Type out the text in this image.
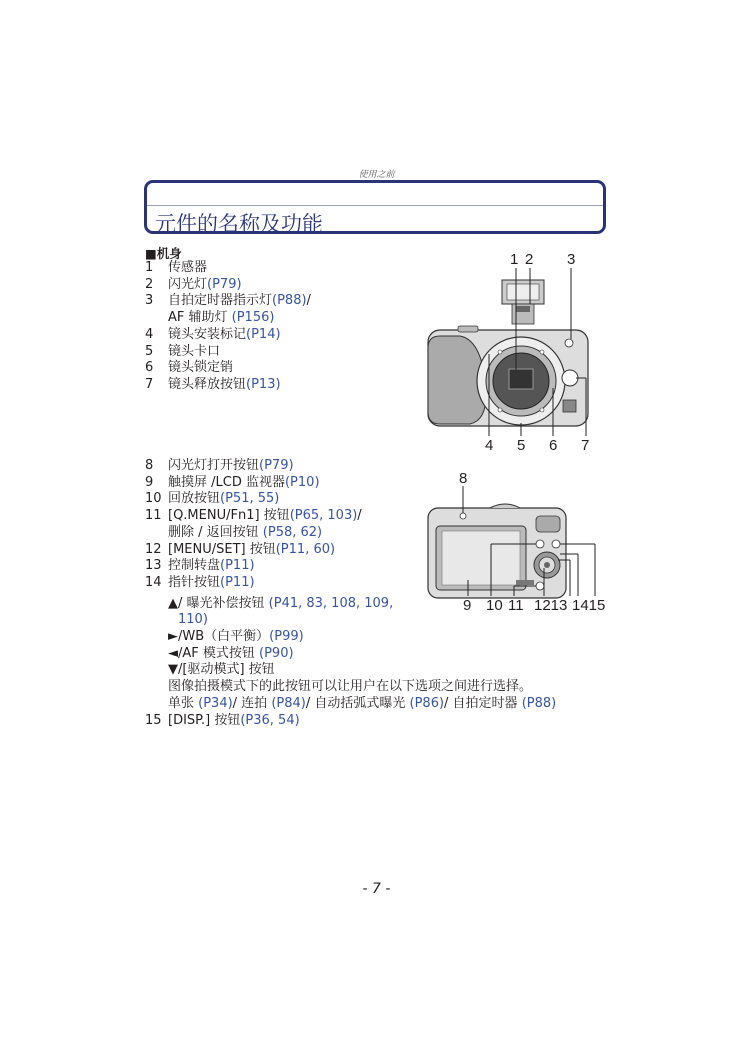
使用之前
元件的名称及功能
■机身
1	传感器
2	闪光灯 (P79)
3	自拍定时器指示灯 (P88) /
AF 辅助灯 (P156)
4	镜头安装标记 (P14)
5	镜头卡口
6	镜头锁定销
7	镜头释放按钮 (P13)
8	闪光灯打开按钮 (P79)
9	触摸屏 /LCD 监视器 (P10)
10 回放按钮 (P51, 55)
11 [Q.MENU/Fn1] 按钮 (P65, 103) /
删除 / 返回按钮 (P58, 62)
12 [MENU/SET] 按钮 (P11, 60)
13 控制转盘 (P11)
14 指针按钮 (P11)
▲/ 曝光补偿按钮 (P41, 83, 108, 109,
110)
►/WB（白平衡）(P99)
◄/AF 模式按钮 (P90)
▼/[驱动模式] 按钮
图像拍摄模式下的此按钮可以让用户在以下选项之间进行选择。
单张 (P34)/ 连拍 (P84)/ 自动括弧式曝光 (P86)/ 自拍定时器 (P88)
15 [DISP.] 按钮 (P36, 54)
1 2 3
4 5 6 7
8
9 10 11 1213 1415
- 7 -
